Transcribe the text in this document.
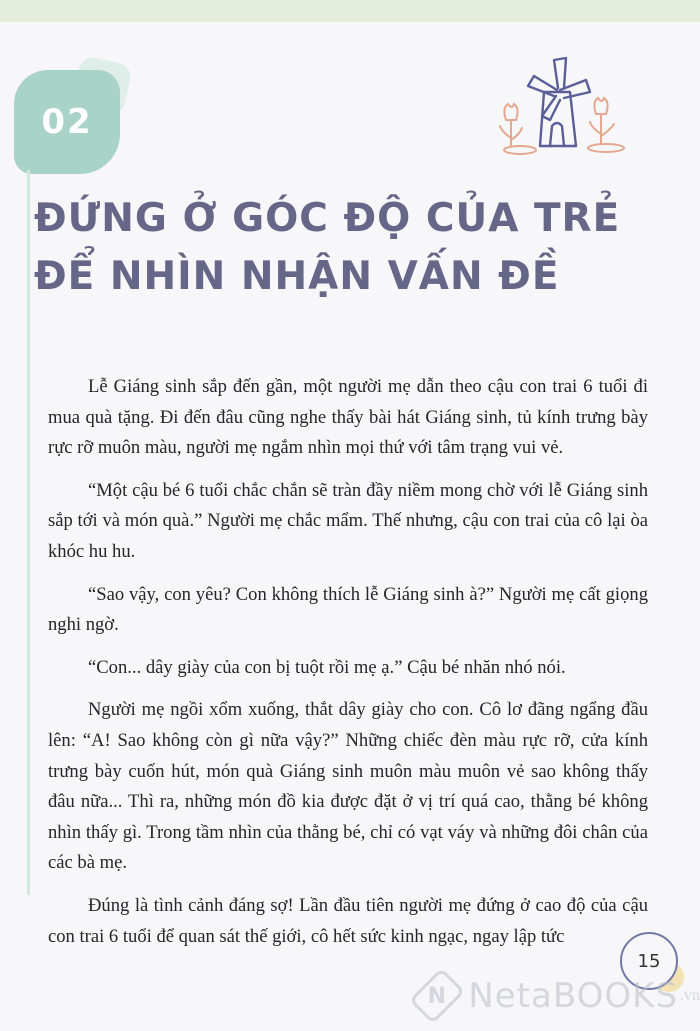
02
ĐỨNG Ở GÓC ĐỘ CỦA TRẺ
ĐỂ NHÌN NHẬN VẤN ĐỀ

Lễ Giáng sinh sắp đến gần, một người mẹ dẫn theo cậu con trai 6 tuổi đi mua quà tặng. Đi đến đâu cũng nghe thấy bài hát Giáng sinh, tủ kính trưng bày rực rỡ muôn màu, người mẹ ngắm nhìn mọi thứ với tâm trạng vui vẻ.

“Một cậu bé 6 tuổi chắc chắn sẽ tràn đầy niềm mong chờ với lễ Giáng sinh sắp tới và món quà.” Người mẹ chắc mẩm. Thế nhưng, cậu con trai của cô lại òa khóc hu hu.

“Sao vậy, con yêu? Con không thích lễ Giáng sinh à?” Người mẹ cất giọng nghi ngờ.

“Con... dây giày của con bị tuột rồi mẹ ạ.” Cậu bé nhăn nhó nói.

Người mẹ ngồi xổm xuống, thắt dây giày cho con. Cô lơ đãng ngẩng đầu lên: “A! Sao không còn gì nữa vậy?” Những chiếc đèn màu rực rỡ, cửa kính trưng bày cuốn hút, món quà Giáng sinh muôn màu muôn vẻ sao không thấy đâu nữa... Thì ra, những món đồ kia được đặt ở vị trí quá cao, thằng bé không nhìn thấy gì. Trong tầm nhìn của thằng bé, chỉ có vạt váy và những đôi chân của các bà mẹ.

Đúng là tình cảnh đáng sợ! Lần đầu tiên người mẹ đứng ở cao độ của cậu con trai 6 tuổi để quan sát thế giới, cô hết sức kinh ngạc, ngay lập tức

15
N NetaBOOKS .vn
